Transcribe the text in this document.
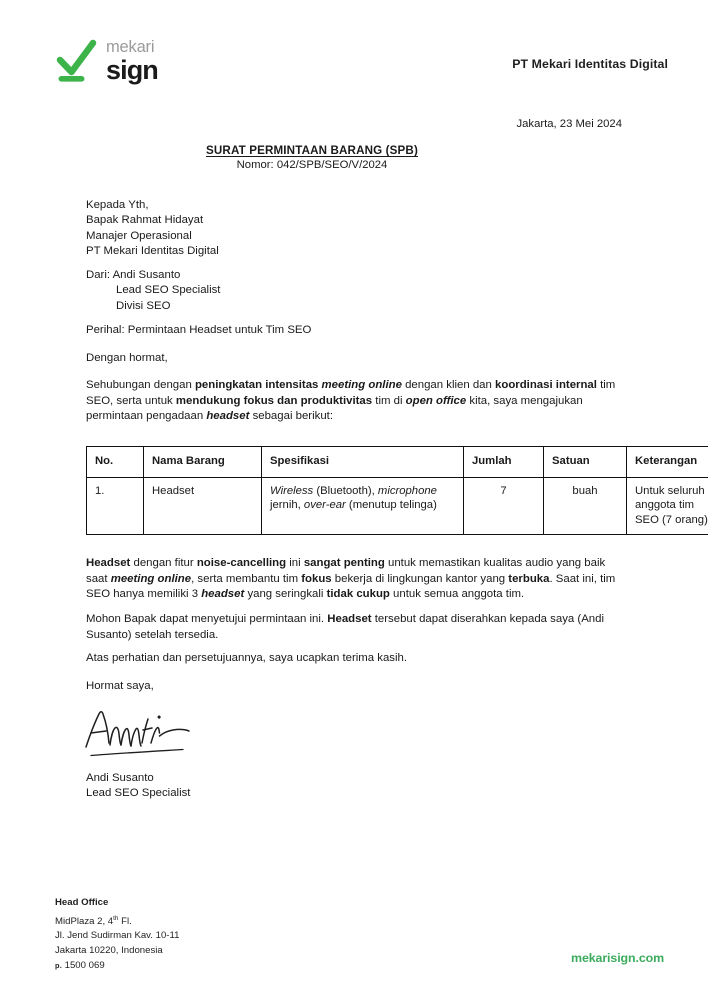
mekari
sign	PT Mekari Identitas Digital
Jakarta, 23 Mei 2024
SURAT PERMINTAAN BARANG (SPB)
Nomor: 042/SPB/SEO/V/2024
Kepada Yth,
Bapak Rahmat Hidayat
Manajer Operasional
PT Mekari Identitas Digital
Dari: Andi Susanto
Lead SEO Specialist
Divisi SEO
Perihal: Permintaan Headset untuk Tim SEO
Dengan hormat,
Sehubungan dengan peningkatan intensitas meeting online dengan klien dan koordinasi internal tim SEO, serta untuk mendukung fokus dan produktivitas tim di open office kita, saya mengajukan permintaan pengadaan headset sebagai berikut:
Headset dengan fitur noise-cancelling ini sangat penting untuk memastikan kualitas audio yang baik saat meeting online, serta membantu tim fokus bekerja di lingkungan kantor yang terbuka. Saat ini, tim SEO hanya memiliki 3 headset yang seringkali tidak cukup untuk semua anggota tim.
Mohon Bapak dapat menyetujui permintaan ini. Headset tersebut dapat diserahkan kepada saya (Andi Susanto) setelah tersedia.
Atas perhatian dan persetujuannya, saya ucapkan terima kasih.
No.	Nama Barang	Spesifikasi	Jumlah	Satuan	Keterangan
1.	Headset	Wireless (Bluetooth), microphone jernih, over-ear (menutup telinga)	7	buah	Untuk seluruh anggota tim SEO (7 orang)
Hormat saya,
Andi Susanto
Lead SEO Specialist
Head Office
MidPlaza 2, 4th Fl.
Jl. Jend Sudirman Kav. 10-11
Jakarta 10220, Indonesia
p. 1500 069
mekarisign.com
